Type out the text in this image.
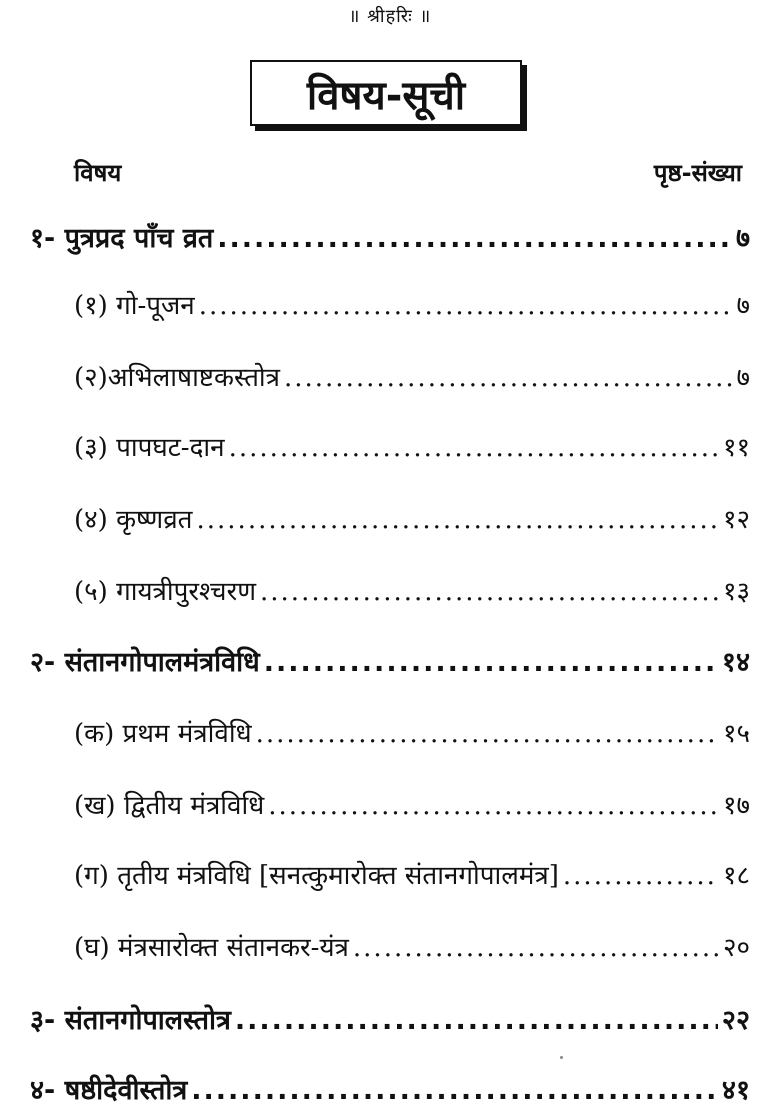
॥ श्रीहरिः ॥
विषय-सूची
विषय	पृष्ठ-संख्या
१- पुत्रप्रद पाँच व्रत .....	७
(१) गो-पूजन .....	७
(२)अभिलाषाष्टकस्तोत्र .....	७
(३) पापघट-दान .....	११
(४) कृष्णव्रत .....	१२
(५) गायत्रीपुरश्चरण .....	१३
२- संतानगोपालमंत्रविधि .....	१४
(क) प्रथम मंत्रविधि .....	१५
(ख) द्वितीय मंत्रविधि .....	१७
(ग) तृतीय मंत्रविधि [सनत्कुमारोक्त संतानगोपालमंत्र] .....	१८
(घ) मंत्रसारोक्त संतानकर-यंत्र .....	२०
३- संतानगोपालस्तोत्र .....	२२
४- षष्ठीदेवीस्तोत्र .....	४१
